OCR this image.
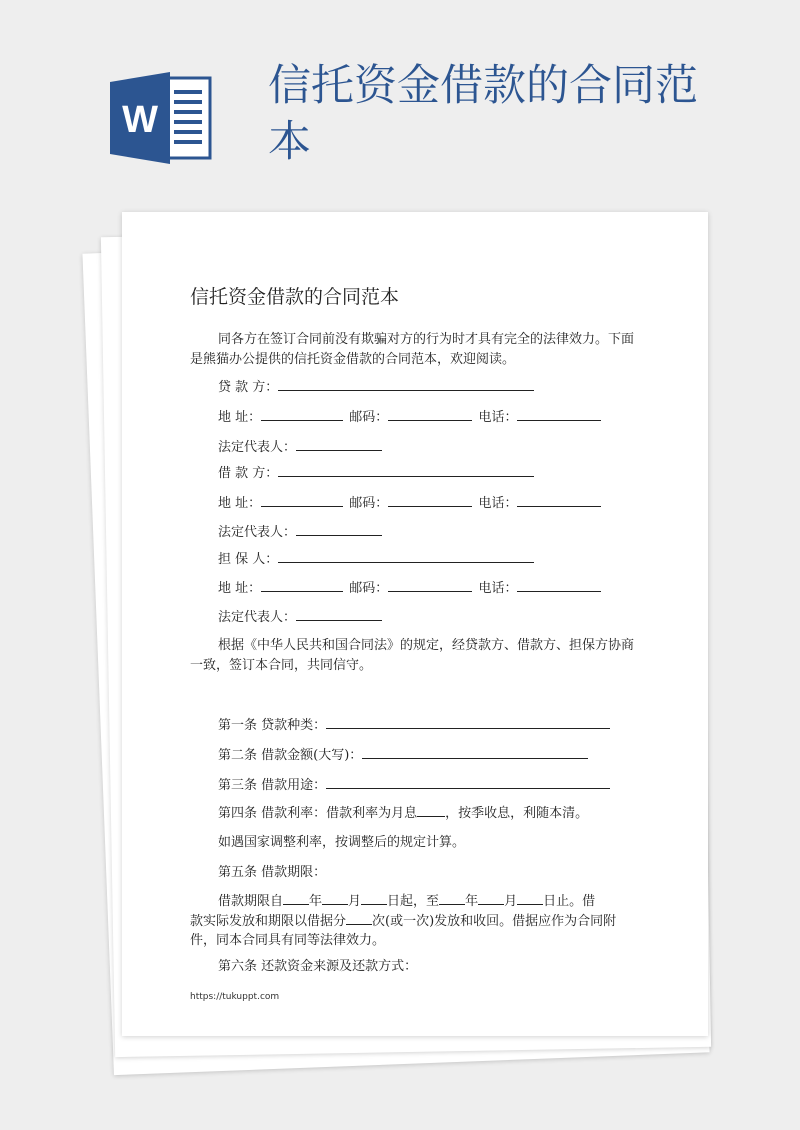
W
信托资金借款的合同范本
信托资金借款的合同范本
同各方在签订合同前没有欺骗对方的行为时才具有完全的法律效力。下面是熊猫办公提供的信托资金借款的合同范本，欢迎阅读。
贷 款 方：
地 址：	邮码：	电话：
法定代表人：
借 款 方：
地 址：	邮码：	电话：
法定代表人：
担 保 人：
地 址：	邮码：	电话：
法定代表人：
根据《中华人民共和国合同法》的规定，经贷款方、借款方、担保方协商一致，签订本合同，共同信守。
第一条 贷款种类：
第二条 借款金额(大写)：
第三条 借款用途：
第四条 借款利率：借款利率为月息 ，按季收息，利随本清。
如遇国家调整利率，按调整后的规定计算。
第五条 借款期限：
借款期限自 年 月 日起，至 年 月 日止。借
款实际发放和期限以借据分 次(或一次)发放和收回。借据应作为合同附
件，同本合同具有同等法律效力。
第六条 还款资金来源及还款方式：
https://tukuppt.com
